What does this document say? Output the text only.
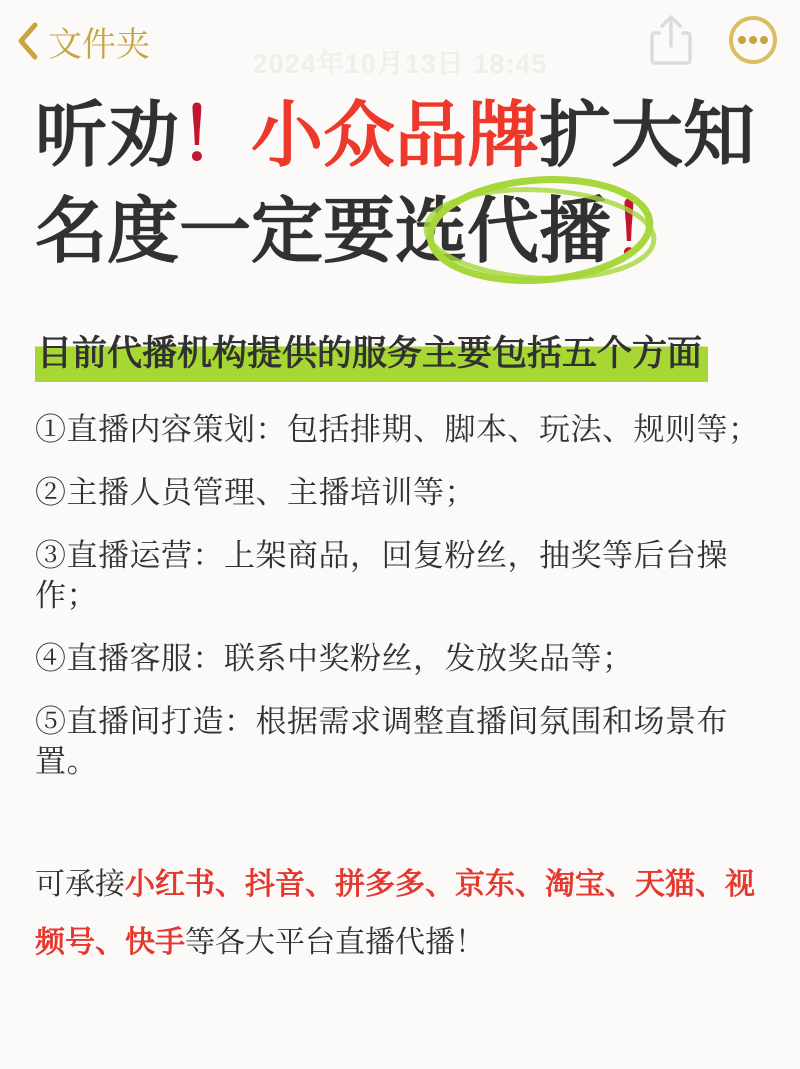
文件夹
2024年10月13日 18:45
听劝！小众品牌扩大知名度一定要选
代播！
目前代播机构提供的服务主要包括五个方面

①直播内容策划：包括排期、脚本、玩法、规则等；

②主播人员管理、主播培训等；

③直播运营：上架商品，回复粉丝，抽奖等后台操作；

④直播客服：联系中奖粉丝，发放奖品等；

⑤直播间打造：根据需求调整直播间氛围和场景布置。

可承接小红书、抖音、拼多多、京东、淘宝、天猫、视频号、快手等各大平台直播代播！
